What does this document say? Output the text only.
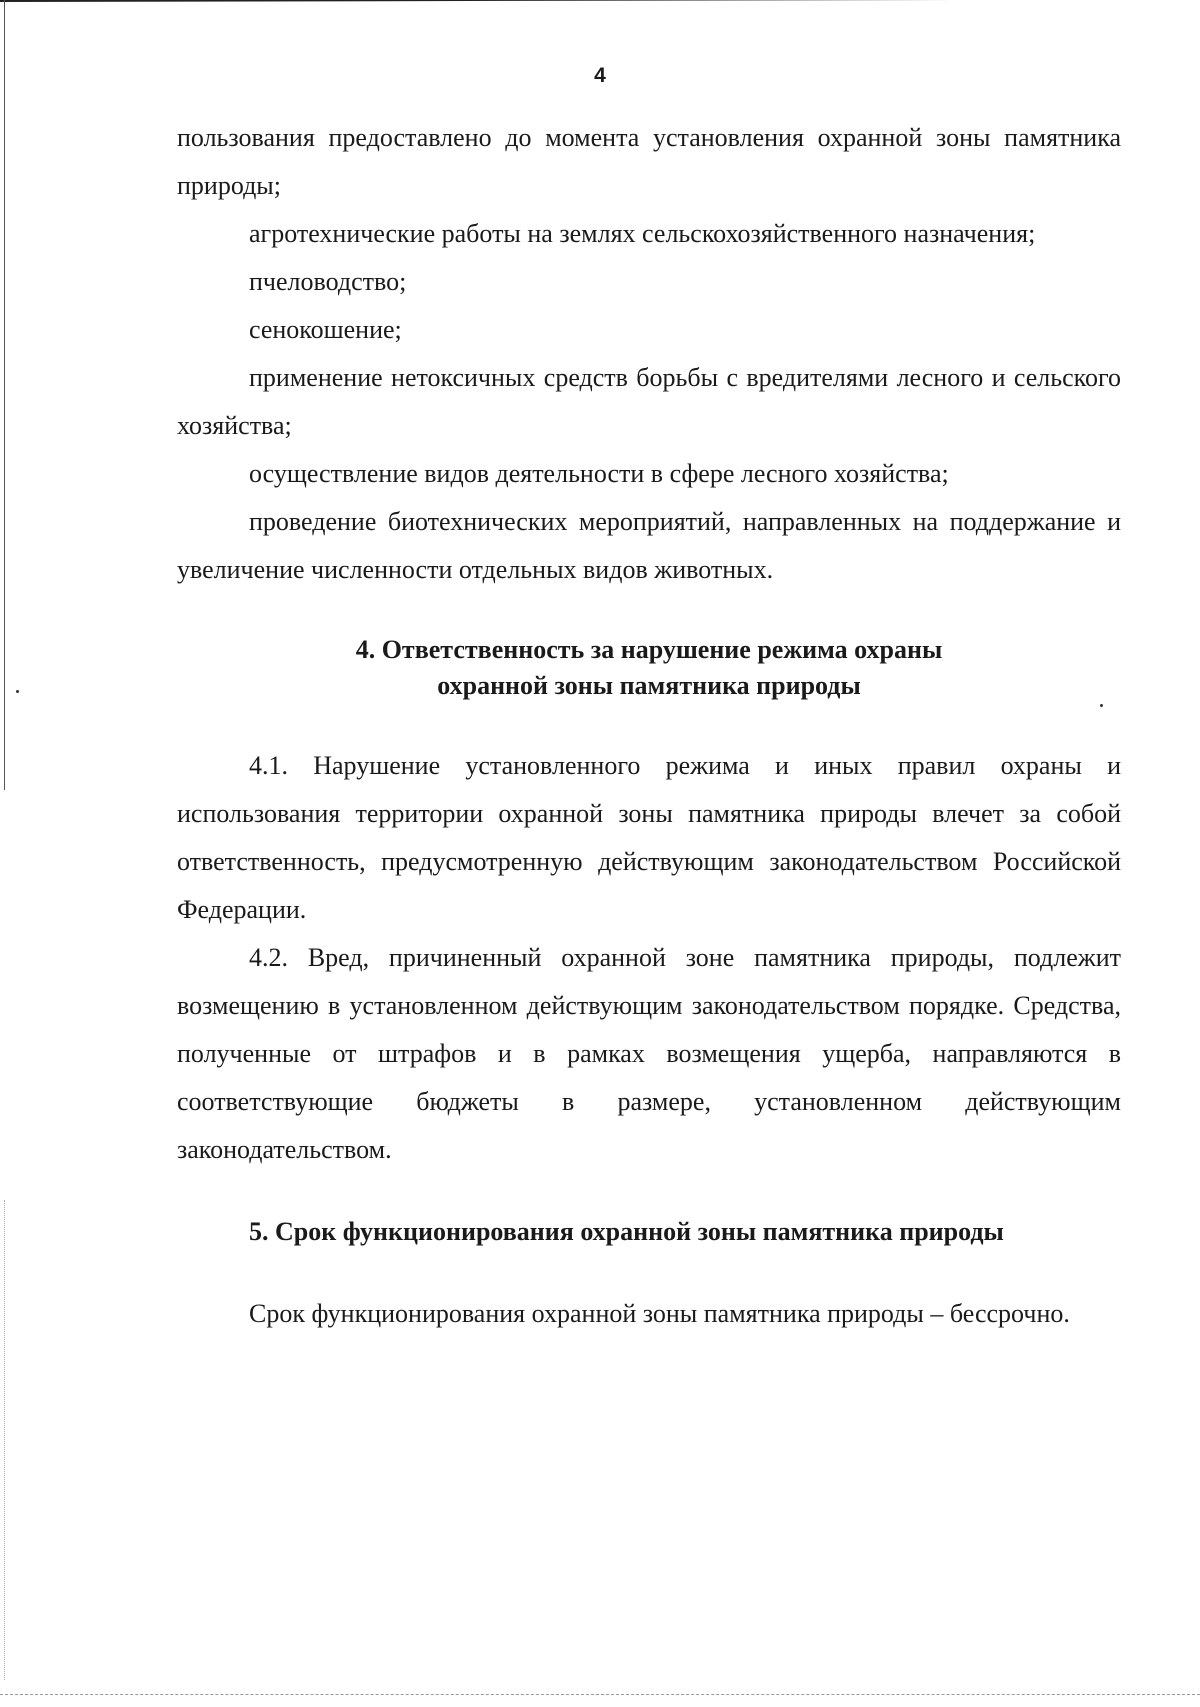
4

пользования предоставлено до момента установления охранной зоны памятника природы;

агротехнические работы на землях сельскохозяйственного назначения;

пчеловодство;

сенокошение;

применение нетоксичных средств борьбы с вредителями лесного и сельского хозяйства;

осуществление видов деятельности в сфере лесного хозяйства;

проведение биотехнических мероприятий, направленных на поддержание и увеличение численности отдельных видов животных.

4. Ответственность за нарушение режима охраны
охранной зоны памятника природы

4.1. Нарушение установленного режима и иных правил охраны и использования территории охранной зоны памятника природы влечет за собой ответственность, предусмотренную действующим законодательством Российской Федерации.

4.2. Вред, причиненный охранной зоне памятника природы, подлежит возмещению в установленном действующим законодательством порядке. Средства, полученные от штрафов и в рамках возмещения ущерба, направляются в соответствующие бюджеты в размере, установленном действующим законодательством.

5. Срок функционирования охранной зоны памятника природы

Срок функционирования охранной зоны памятника природы – бессрочно.
